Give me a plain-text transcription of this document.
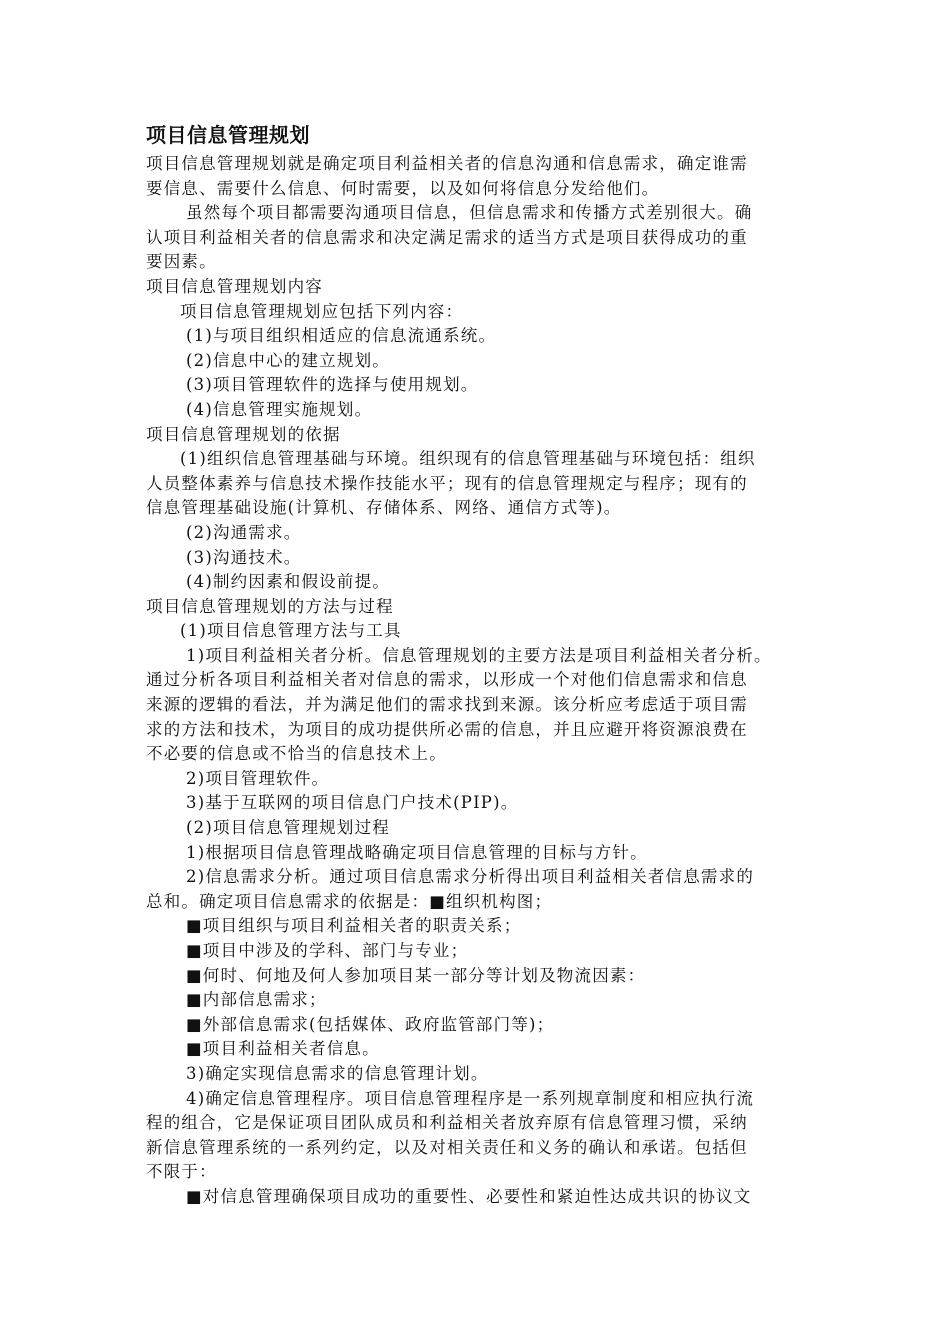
项目信息管理规划
项目信息管理规划就是确定项目利益相关者的信息沟通和信息需求，确定谁需
要信息、需要什么信息、何时需要，以及如何将信息分发给他们。
虽然每个项目都需要沟通项目信息，但信息需求和传播方式差别很大。确
认项目利益相关者的信息需求和决定满足需求的适当方式是项目获得成功的重
要因素。
项目信息管理规划内容
项目信息管理规划应包括下列内容：
(1)与项目组织相适应的信息流通系统。
(2)信息中心的建立规划。
(3)项目管理软件的选择与使用规划。
(4)信息管理实施规划。
项目信息管理规划的依据
(1)组织信息管理基础与环境。组织现有的信息管理基础与环境包括：组织
人员整体素养与信息技术操作技能水平；现有的信息管理规定与程序；现有的
信息管理基础设施(计算机、存储体系、网络、通信方式等)。
(2)沟通需求。
(3)沟通技术。
(4)制约因素和假设前提。
项目信息管理规划的方法与过程
(1)项目信息管理方法与工具
1)项目利益相关者分析。信息管理规划的主要方法是项目利益相关者分析。
通过分析各项目利益相关者对信息的需求，以形成一个对他们信息需求和信息
来源的逻辑的看法，并为满足他们的需求找到来源。该分析应考虑适于项目需
求的方法和技术，为项目的成功提供所必需的信息，并且应避开将资源浪费在
不必要的信息或不恰当的信息技术上。
2)项目管理软件。
3)基于互联网的项目信息门户技术(PIP)。
(2)项目信息管理规划过程
1)根据项目信息管理战略确定项目信息管理的目标与方针。
2)信息需求分析。通过项目信息需求分析得出项目利益相关者信息需求的
总和。确定项目信息需求的依据是：■组织机构图；
■项目组织与项目利益相关者的职责关系；
■项目中涉及的学科、部门与专业；
■何时、何地及何人参加项目某一部分等计划及物流因素：
■内部信息需求；
■外部信息需求(包括媒体、政府监管部门等)；
■项目利益相关者信息。
3)确定实现信息需求的信息管理计划。
4)确定信息管理程序。项目信息管理程序是一系列规章制度和相应执行流
程的组合，它是保证项目团队成员和利益相关者放弃原有信息管理习惯，采纳
新信息管理系统的一系列约定，以及对相关责任和义务的确认和承诺。包括但
不限于：
■对信息管理确保项目成功的重要性、必要性和紧迫性达成共识的协议文
